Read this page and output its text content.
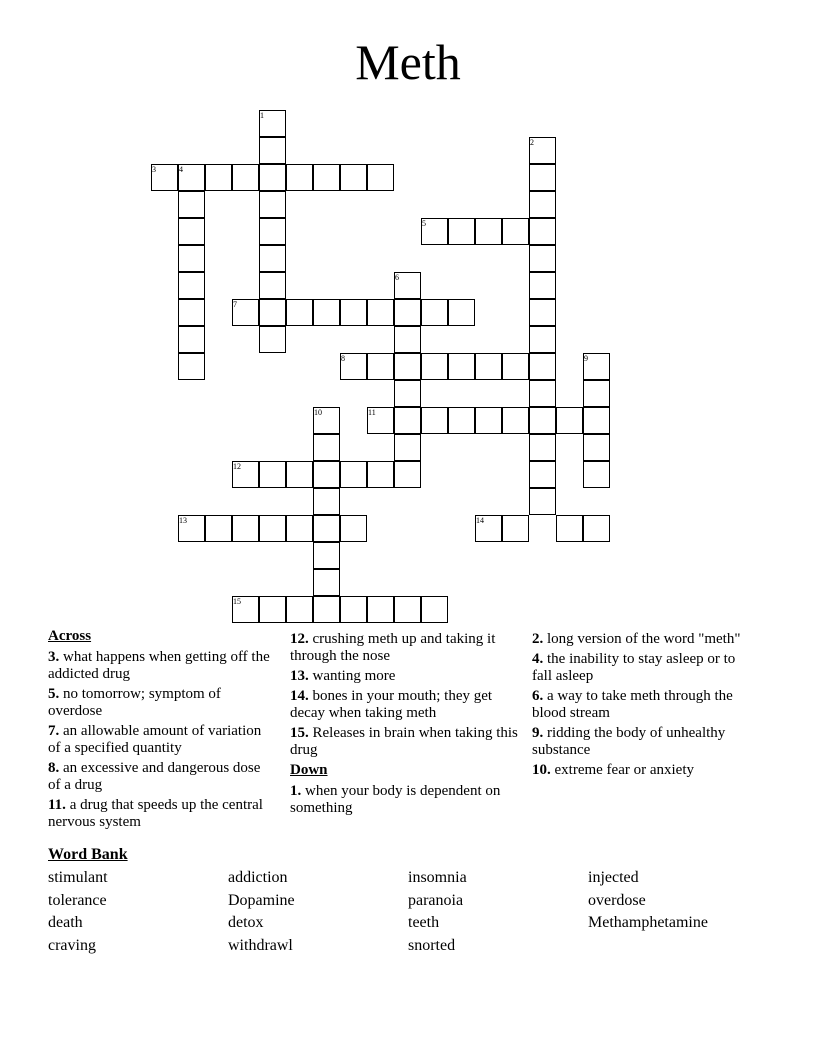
Meth
1
2
3	4
5
6
7
8	9
10	11
12
13	14
15
Across
3. what happens when getting off the addicted drug
5. no tomorrow; symptom of overdose
7. an allowable amount of variation of a specified quantity
8. an excessive and dangerous dose of a drug
11. a drug that speeds up the central nervous system
12. crushing meth up and taking it through the nose
13. wanting more
14. bones in your mouth; they get decay when taking meth
15. Releases in brain when taking this drug
Down
1. when your body is dependent on something
2. long version of the word "meth"
4. the inability to stay asleep or to fall asleep
6. a way to take meth through the blood stream
9. ridding the body of unhealthy substance
10. extreme fear or anxiety
Word Bank
stimulant
tolerance
death
craving
addiction
Dopamine
detox
withdrawl
insomnia
paranoia
teeth
snorted
injected
overdose
Methamphetamine
